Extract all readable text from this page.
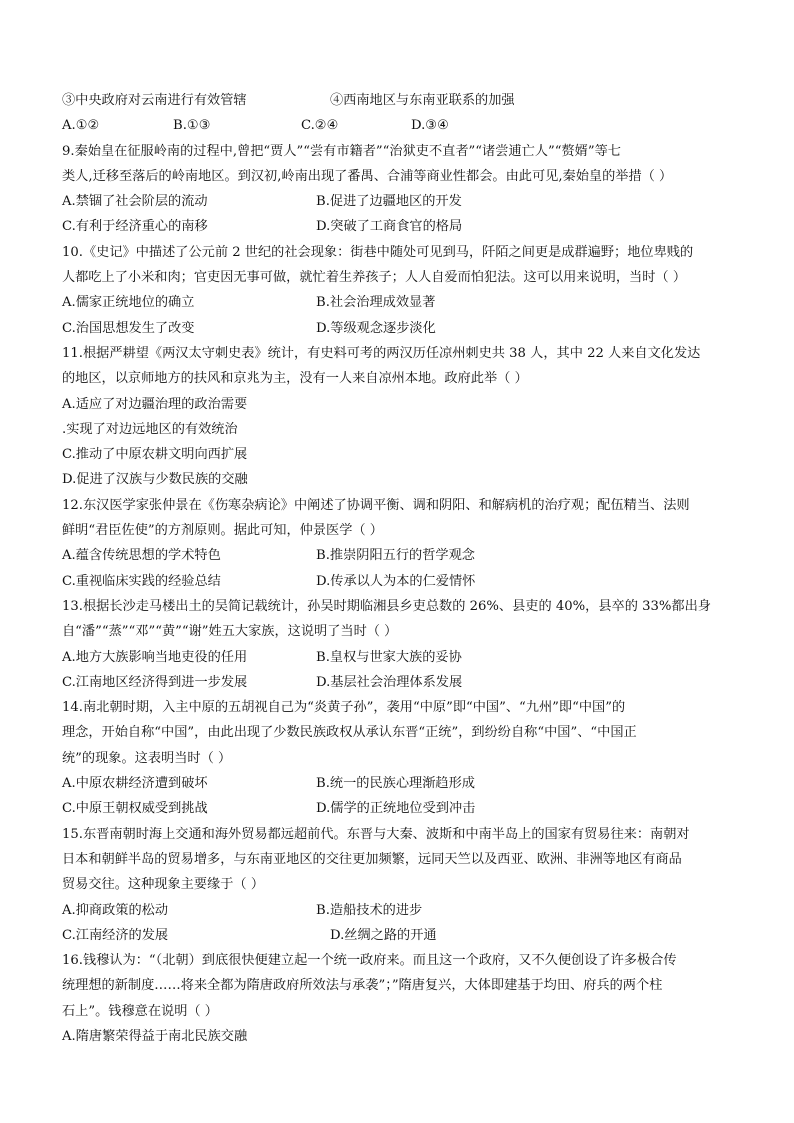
③中央政府对云南进行有效管辖	④西南地区与东南亚联系的加强
A.①②	B.①③	C.②④	D.③④
9.秦始皇在征服岭南的过程中,曾把“贾人”“尝有市籍者”“治狱吏不直者”“诸尝逋亡人”“赘婿”等七
类人,迁移至落后的岭南地区。到汉初,岭南出现了番禺、合浦等商业性都会。由此可见,秦始皇的举措（ ）
A.禁锢了社会阶层的流动	B.促进了边疆地区的开发
C.有利于经济重心的南移	D.突破了工商食官的格局
10.《史记》中描述了公元前 2 世纪的社会现象：街巷中随处可见到马，阡陌之间更是成群遍野；地位卑贱的
人都吃上了小米和肉；官吏因无事可做，就忙着生养孩子；人人自爱而怕犯法。这可以用来说明，当时（ ）
A.儒家正统地位的确立	B.社会治理成效显著
C.治国思想发生了改变	D.等级观念逐步淡化
11.根据严耕望《两汉太守刺史表》统计，有史料可考的两汉历任凉州刺史共 38 人，其中 22 人来自文化发达
的地区，以京师地方的扶风和京兆为主，没有一人来自凉州本地。政府此举（ ）
A.适应了对边疆治理的政治需要
.实现了对边远地区的有效统治
C.推动了中原农耕文明向西扩展
D.促进了汉族与少数民族的交融
12.东汉医学家张仲景在《伤寒杂病论》中阐述了协调平衡、调和阴阳、和解病机的治疗观；配伍精当、法则
鲜明“君臣佐使”的方剂原则。据此可知，仲景医学（ ）
A.蕴含传统思想的学术特色	B.推崇阴阳五行的哲学观念
C.重视临床实践的经验总结	D.传承以人为本的仁爱情怀
13.根据长沙走马楼出土的吴简记载统计，孙吴时期临湘县乡吏总数的 26%、县吏的 40%，县卒的 33%都出身
自“潘”“蒸”“邓”“黄”“谢”姓五大家族，这说明了当时（ ）
A.地方大族影响当地吏役的任用	B.皇权与世家大族的妥协
C.江南地区经济得到进一步发展	D.基层社会治理体系发展
14.南北朝时期，入主中原的五胡视自己为“炎黄子孙”，袭用“中原”即“中国”、“九州”即“中国”的
理念，开始自称“中国”，由此出现了少数民族政权从承认东晋“正统”，到纷纷自称“中国”、“中国正
统”的现象。这表明当时（ ）
A.中原农耕经济遭到破坏	B.统一的民族心理渐趋形成
C.中原王朝权威受到挑战	D.儒学的正统地位受到冲击
15.东晋南朝时海上交通和海外贸易都远超前代。东晋与大秦、波斯和中南半岛上的国家有贸易往来：南朝对
日本和朝鲜半岛的贸易增多，与东南亚地区的交往更加频繁，远同天竺以及西亚、欧洲、非洲等地区有商品
贸易交往。这种现象主要缘于（ ）
A.抑商政策的松动	B.造船技术的进步
C.江南经济的发展	D.丝绸之路的开通
16.钱穆认为：“（北朝）到底很快便建立起一个统一政府来。而且这一个政府，又不久便创设了许多极合传
统理想的新制度……将来全都为隋唐政府所效法与承袭”；”隋唐复兴，大体即建基于均田、府兵的两个柱
石上”。钱穆意在说明（ ）
A.隋唐繁荣得益于南北民族交融
